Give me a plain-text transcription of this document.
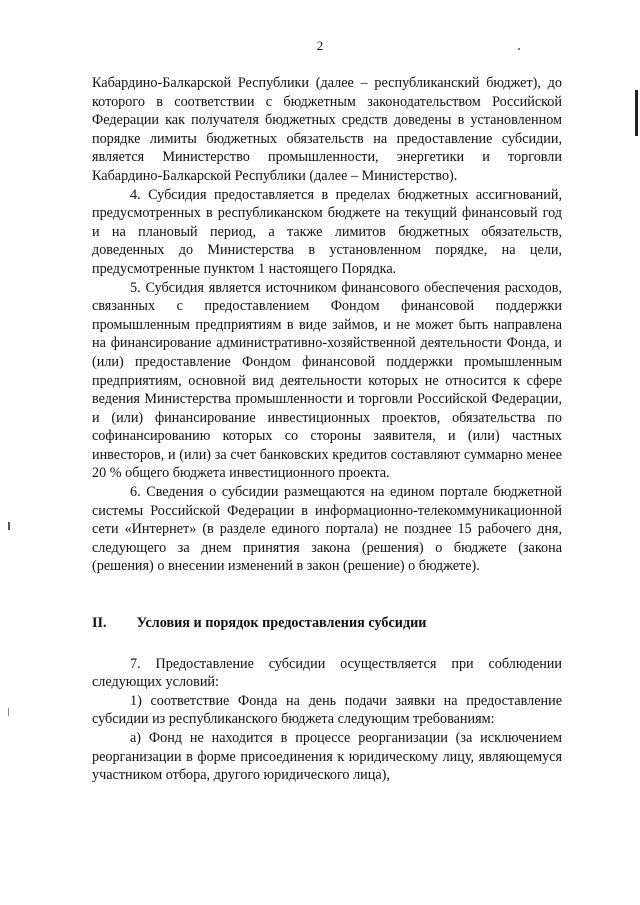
2

Кабардино-Балкарской Республики (далее – республиканский бюджет), до которого в соответствии с бюджетным законодательством Российской Федерации как получателя бюджетных средств доведены в установленном порядке лимиты бюджетных обязательств на предоставление субсидии, является Министерство промышленности, энергетики и торговли Кабардино-Балкарской Республики (далее – Министерство).

4. Субсидия предоставляется в пределах бюджетных ассигнований, предусмотренных в республиканском бюджете на текущий финансовый год и на плановый период, а также лимитов бюджетных обязательств, доведенных до Министерства в установленном порядке, на цели, предусмотренные пунктом 1 настоящего Порядка.

5. Субсидия является источником финансового обеспечения расходов, связанных с предоставлением Фондом финансовой поддержки промышленным предприятиям в виде займов, и не может быть направлена на финансирование административно-хозяйственной деятельности Фонда, и (или) предоставление Фондом финансовой поддержки промышленным предприятиям, основной вид деятельности которых не относится к сфере ведения Министерства промышленности и торговли Российской Федерации, и (или) финансирование инвестиционных проектов, обязательства по софинансированию которых со стороны заявителя, и (или) частных инвесторов, и (или) за счет банковских кредитов составляют суммарно менее 20 % общего бюджета инвестиционного проекта.

6. Сведения о субсидии размещаются на едином портале бюджетной системы Российской Федерации в информационно-телекоммуникационной сети «Интернет» (в разделе единого портала) не позднее 15 рабочего дня, следующего за днем принятия закона (решения) о бюджете (закона (решения) о внесении изменений в закон (решение) о бюджете).

II. Условия и порядок предоставления субсидии

7. Предоставление субсидии осуществляется при соблюдении следующих условий:

1) соответствие Фонда на день подачи заявки на предоставление субсидии из республиканского бюджета следующим требованиям:

а) Фонд не находится в процессе реорганизации (за исключением реорганизации в форме присоединения к юридическому лицу, являющемуся участником отбора, другого юридического лица),
